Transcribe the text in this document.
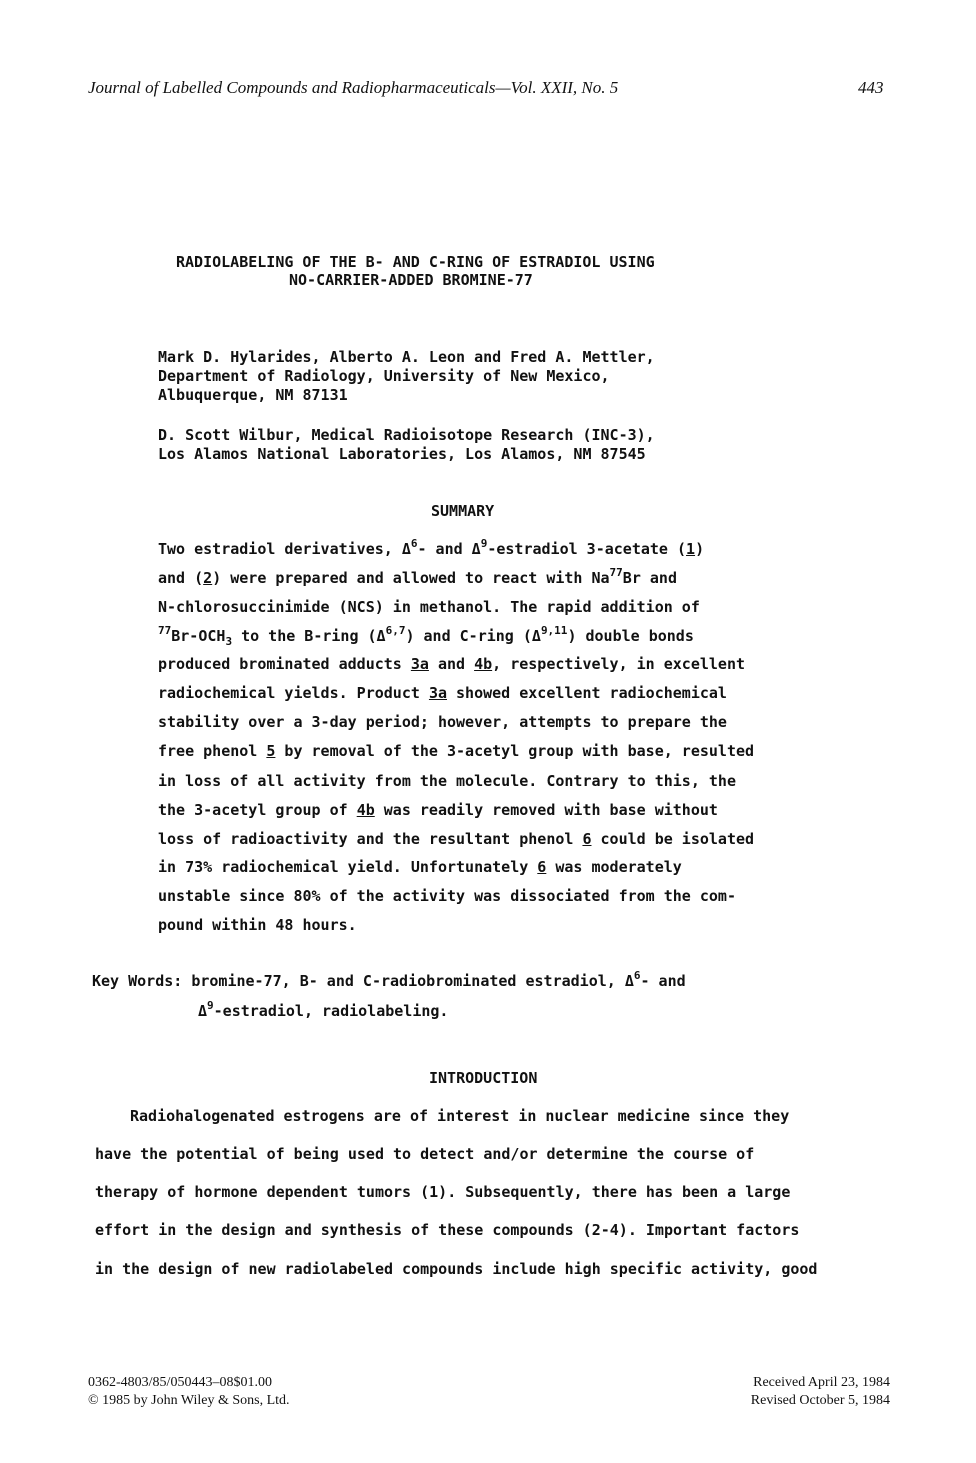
Journal of Labelled Compounds and Radiopharmaceuticals—Vol. XXII, No. 5	443
RADIOLABELING OF THE B- AND C-RING OF ESTRADIOL USING
NO-CARRIER-ADDED BROMINE-77
Mark D. Hylarides, Alberto A. Leon and Fred A. Mettler,
Department of Radiology, University of New Mexico,
Albuquerque, NM 87131
D. Scott Wilbur, Medical Radioisotope Research (INC-3),
Los Alamos National Laboratories, Los Alamos, NM 87545
SUMMARY
Two estradiol derivatives, $\Delta^6-$ and $\Delta^9$-estradiol 3-acetate (1)
and (2) were prepared and allowed to react with Na$^{77}$Br and
N-chlorosuccinimide (NCS) in methanol. The rapid addition of
$^{77}Br-OCH_3$ to the B-ring $(\Delta^{6,7})$ and C-ring $(\Delta^{9,11})$ double bonds
produced brominated adducts 3a and 4b, respectively, in excellent
radiochemical yields. Product 3a showed excellent radiochemical
stability over a 3-day period; however, attempts to prepare the
free phenol 5 by removal of the 3-acetyl group with base, resulted
in loss of all activity from the molecule. Contrary to this, the
the 3-acetyl group of 4b was readily removed with base without
loss of radioactivity and the resultant phenol 6 could be isolated
in 73% radiochemical yield. Unfortunately 6 was moderately
unstable since 80% of the activity was dissociated from the com-
pound within 48 hours.
Key Words: bromine-77, B- and C-radiobrominated estradiol, $\Delta^6-$ and
$\Delta^9$-estradiol, radiolabeling.
INTRODUCTION
Radiohalogenated estrogens are of interest in nuclear medicine since they
have the potential of being used to detect and/or determine the course of
therapy of hormone dependent tumors (1). Subsequently, there has been a large
effort in the design and synthesis of these compounds (2-4). Important factors
in the design of new radiolabeled compounds include high specific activity, good
0362-4803/85/050443–08$01.00
© 1985 by John Wiley & Sons, Ltd.
Received April 23, 1984
Revised October 5, 1984
